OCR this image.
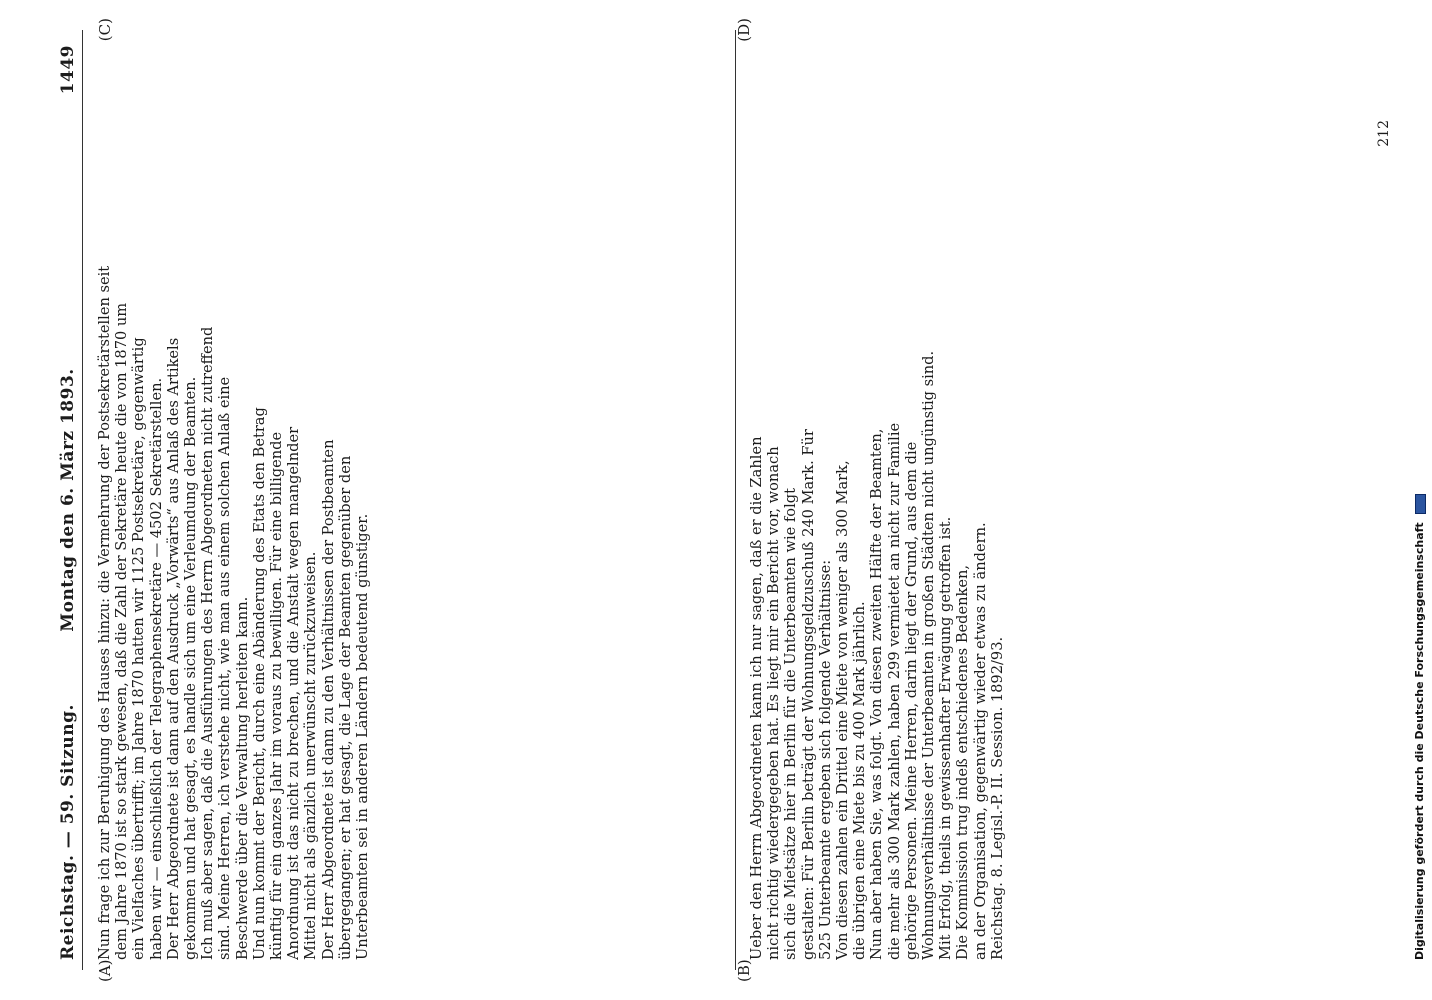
Reichstag. — 59. Sitzung.
Montag den 6. März 1893.
1449
(A)	(B)
(C)	(D)

Nun frage ich zur Beruhigung des Hauses hinzu: die Vermehrung der Postsekretärstellen seit dem Jahre 1870 ist so stark gewesen, daß die Zahl der Sekretäre heute die von 1870 um ein Vielfaches übertrifft; im Jahre 1870 hatten wir 1125 Postsekretäre, gegenwärtig haben wir — einschließlich der Telegraphensekretäre — 4502 Sekretärstellen. Der Herr Abgeordnete ist dann auf den Ausdruck „Vorwärts“ aus Anlaß des Artikels gekommen und hat gesagt, es handle sich um eine Verleumdung der Beamten. Ich muß aber sagen, daß die Ausführungen des Herrn Abgeordneten nicht zutreffend sind. Meine Herren, ich verstehe nicht, wie man aus einem solchen Anlaß eine Beschwerde über die Verwaltung herleiten kann. Und nun kommt der Bericht, durch eine Abänderung des Etats den Betrag künftig für ein ganzes Jahr im voraus zu bewilligen. Für eine billigende Anordnung ist das nicht zu brechen, und die Anstalt wegen mangelnder Mittel nicht als gänzlich unerwünscht zurückzuweisen. Der Herr Abgeordnete ist dann zu den Verhältnissen der Postbeamten übergegangen; er hat gesagt, die Lage der Beamten gegenüber den Unterbeamten sei in anderen Ländern bedeutend günstiger.	Ueber den Herrn Abgeordneten kann ich nur sagen, daß er die Zahlen nicht richtig wiedergegeben hat. Es liegt mir ein Bericht vor, wonach sich die Mietsätze hier in Berlin für die Unterbeamten wie folgt gestalten: Für Berlin beträgt der Wohnungsgeldzuschuß 240 Mark. Für 525 Unterbeamte ergeben sich folgende Verhältnisse: Von diesen zahlen ein Drittel eine Miete von weniger als 300 Mark, die übrigen eine Miete bis zu 400 Mark jährlich. Nun aber haben Sie, was folgt. Von diesen zweiten Hälfte der Beamten, die mehr als 300 Mark zahlen, haben 299 vermietet an nicht zur Familie gehörige Personen. Meine Herren, darin liegt der Grund, aus dem die Wohnungsverhältnisse der Unterbeamten in großen Städten nicht ungünstig sind. Mit Erfolg, theils in gewissenhafter Erwägung getroffen ist. Die Kommission trug indeß entschiedenes Bedenken, an der Organisation, gegenwärtig wieder etwas zu ändern. Reichstag. 8. Legisl.-P. II. Session. 1892/93.

212
Digitalisierung gefördert durch die Deutsche Forschungsgemeinschaft
